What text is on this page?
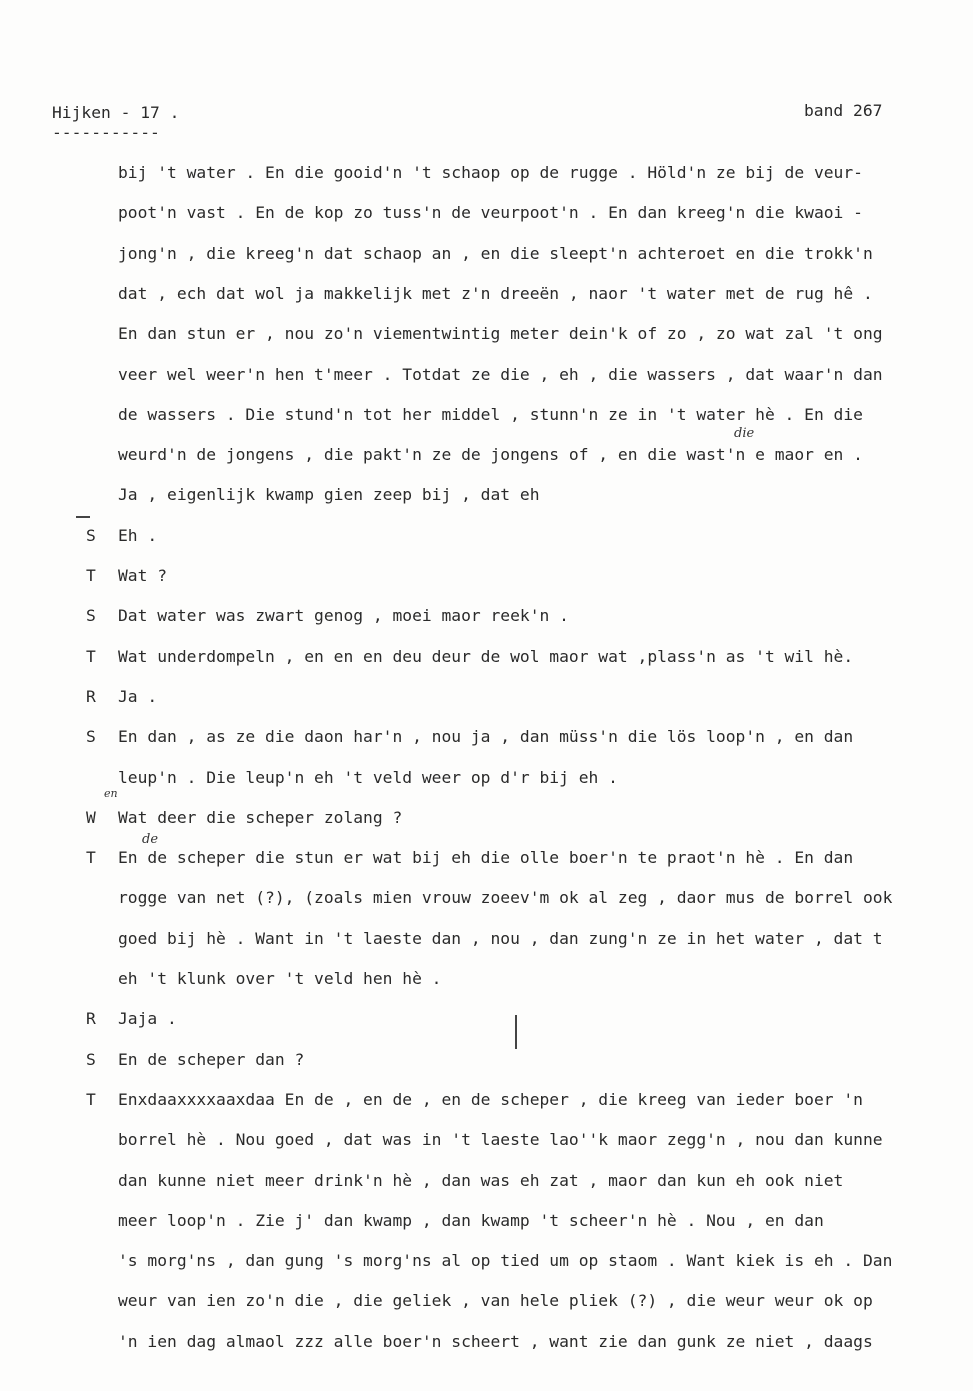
Hijken - 17 .	band 267
-----------
bij 't water . En die gooid'n 't schaop op de rugge . Höld'n ze bij de veur-
poot'n vast . En de kop zo tuss'n de veurpoot'n . En dan kreeg'n die kwaoi -
jong'n , die kreeg'n dat schaop an , en die sleept'n achteroet en die trokk'n
dat , ech dat wol ja makkelijk met z'n dreeën , naor 't water met de rug hê .
En dan stun er , nou zo'n viementwintig meter dein'k of zo , zo wat zal 't ong
veer wel weer'n hen t'meer . Totdat ze die , eh , die wassers , dat waar'n dan
de wassers . Die stund'n tot her middel , stunn'n ze in 't water hè . En die
weurd'n de jongens , die pakt'n ze de jongens of , en die wast'n e maor en .
Ja , eigenlijk kwamp gien zeep bij , dat eh
S Eh .
T Wat ?
S Dat water was zwart genog , moei maor reek'n .
T Wat underdompeln , en en en deu deur de wol maor wat ,plass'n as 't wil hè.
R Ja .
S En dan , as ze die daon har'n , nou ja , dan müss'n die lös loop'n , en dan
leup'n . Die leup'n eh 't veld weer op d'r bij eh .
W Wat deer die scheper zolang ?
T En de scheper die stun er wat bij eh die olle boer'n te praot'n hè . En dan
rogge van net (?), (zoals mien vrouw zoeev'm ok al zeg , daor mus de borrel ook
goed bij hè . Want in 't laeste dan , nou , dan zung'n ze in het water , dat t
eh 't klunk over 't veld hen hè .
R Jaja .
S En de scheper dan ?
T Enxdaaxxxxaaxdaa En de , en de , en de scheper , die kreeg van ieder boer 'n
borrel hè . Nou goed , dat was in 't laeste lao''k maor zegg'n , nou dan kunne
dan kunne niet meer drink'n hè , dan was eh zat , maor dan kun eh ook niet
meer loop'n . Zie j' dan kwamp , dan kwamp 't scheer'n hè . Nou , en dan
's morg'ns , dan gung 's morg'ns al op tied um op staom . Want kiek is eh . Dan
weur van ien zo'n die , die geliek , van hele pliek (?) , die weur weur ok op
'n ien dag almaol zzz alle boer'n scheert , want zie dan gunk ze niet , daags
die
de
en
